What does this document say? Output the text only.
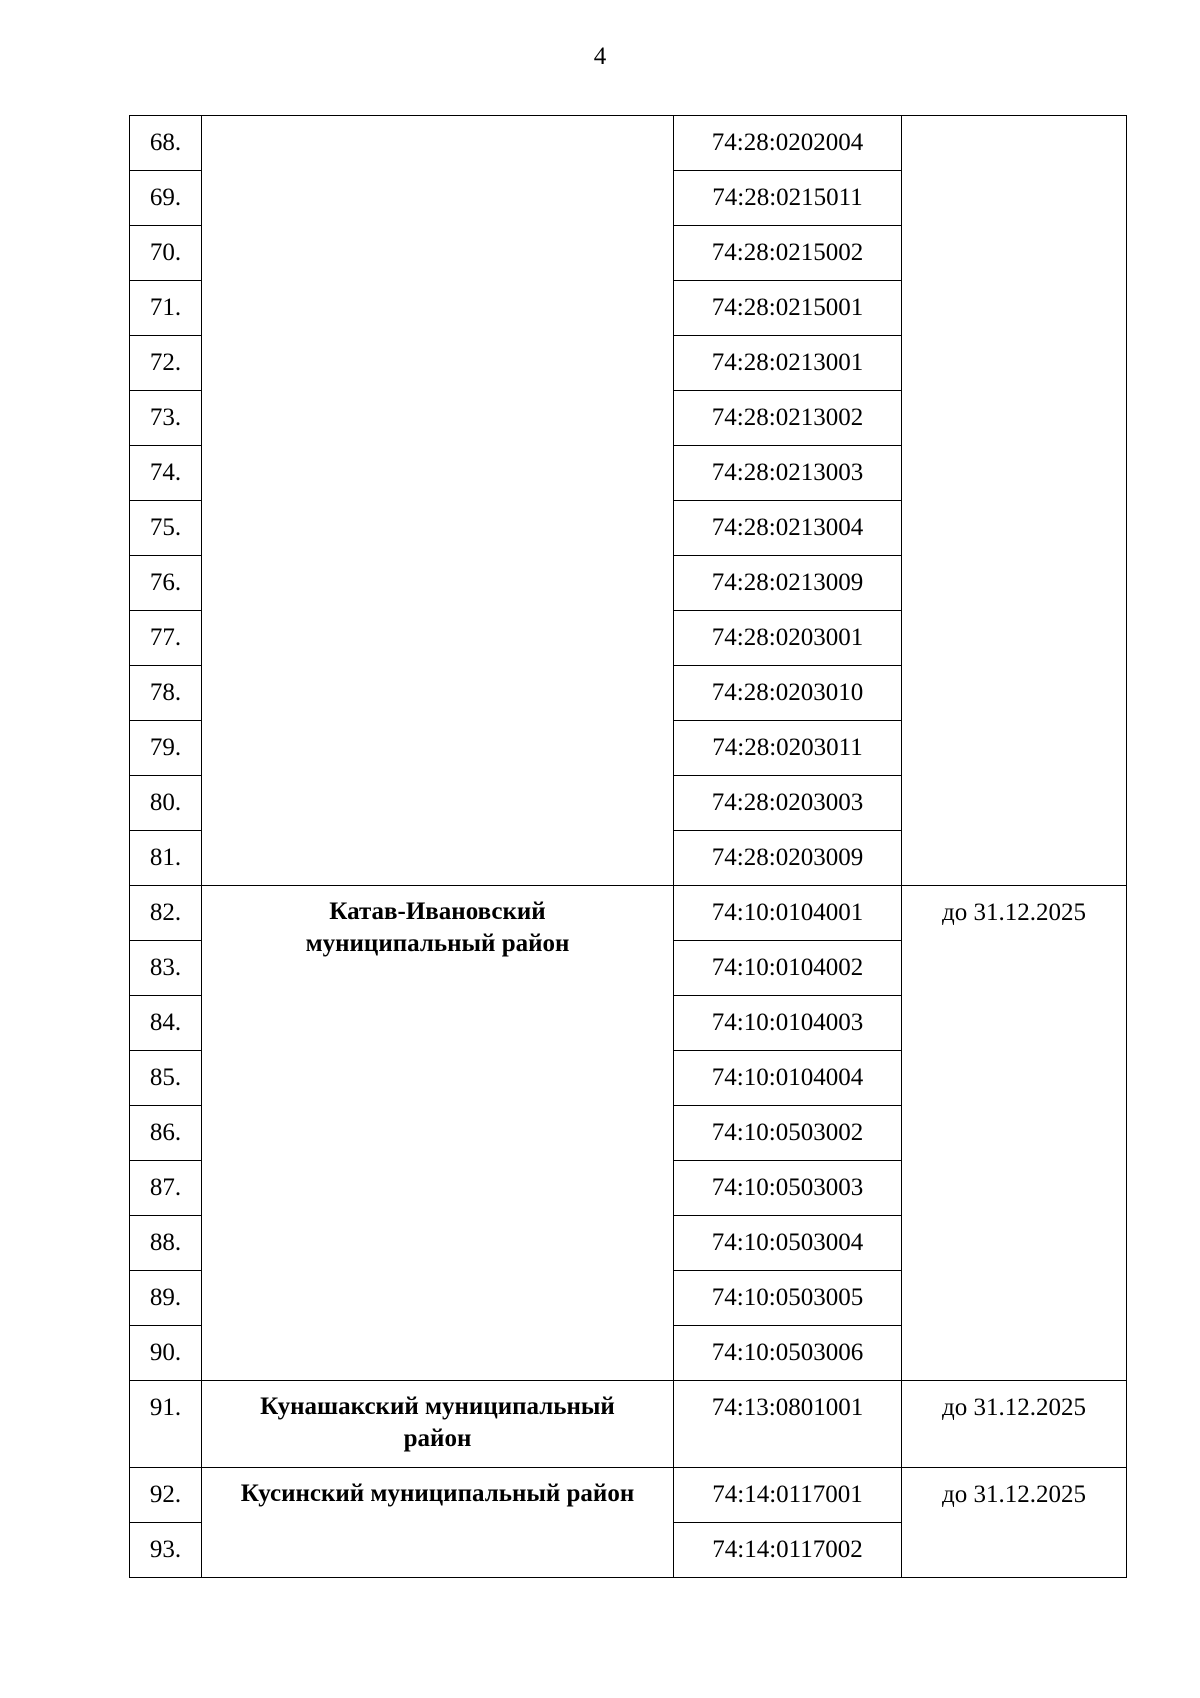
4
68.		74:28:0202004	
69.		74:28:0215011	
70.		74:28:0215002	
71.		74:28:0215001	
72.		74:28:0213001	
73.		74:28:0213002	
74.		74:28:0213003	
75.		74:28:0213004	
76.		74:28:0213009	
77.		74:28:0203001	
78.		74:28:0203010	
79.		74:28:0203011	
80.		74:28:0203003	
81.		74:28:0203009	
82.	Катав-Ивановский муниципальный район	74:10:0104001	до 31.12.2025
83.		74:10:0104002	
84.		74:10:0104003	
85.		74:10:0104004	
86.		74:10:0503002	
87.		74:10:0503003	
88.		74:10:0503004	
89.		74:10:0503005	
90.		74:10:0503006	
91.	Кунашакский муниципальный район	74:13:0801001	до 31.12.2025
92.	Кусинский муниципальный район	74:14:0117001	до 31.12.2025
93.		74:14:0117002	
